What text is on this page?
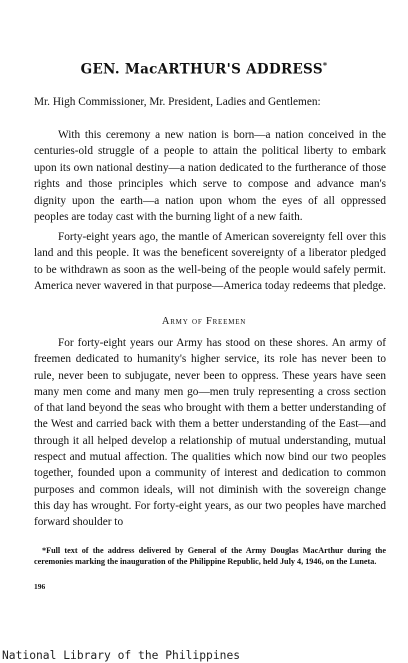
GEN. MacARTHUR'S ADDRESS*
Mr. High Commissioner, Mr. President, Ladies and Gentlemen:

With this ceremony a new nation is born—a nation conceived in the centuries-old struggle of a people to attain the political liberty to embark upon its own national destiny—a nation dedicated to the furtherance of those rights and those principles which serve to compose and advance man's dignity upon the earth—a nation upon whom the eyes of all oppressed peoples are today cast with the burning light of a new faith.

Forty-eight years ago, the mantle of American sovereignty fell over this land and this people. It was the beneficent sovereignty of a liberator pledged to be withdrawn as soon as the well-being of the people would safely permit. America never wavered in that purpose—America today redeems that pledge.

Army of Freemen

For forty-eight years our Army has stood on these shores. An army of freemen dedicated to humanity's higher service, its role has never been to rule, never been to subjugate, never been to oppress. These years have seen many men come and many men go—men truly representing a cross section of that land beyond the seas who brought with them a better understanding of the West and carried back with them a better understanding of the East—and through it all helped develop a relationship of mutual understanding, mutual respect and mutual affection. The qualities which now bind our two peoples together, founded upon a community of interest and dedication to common purposes and common ideals, will not diminish with the sovereign change this day has wrought. For forty-eight years, as our two peoples have marched forward shoulder to

*Full text of the address delivered by General of the Army Douglas MacArthur during the ceremonies marking the inauguration of the Philippine Republic, held July 4, 1946, on the Luneta.
196
National Library of the Philippines
